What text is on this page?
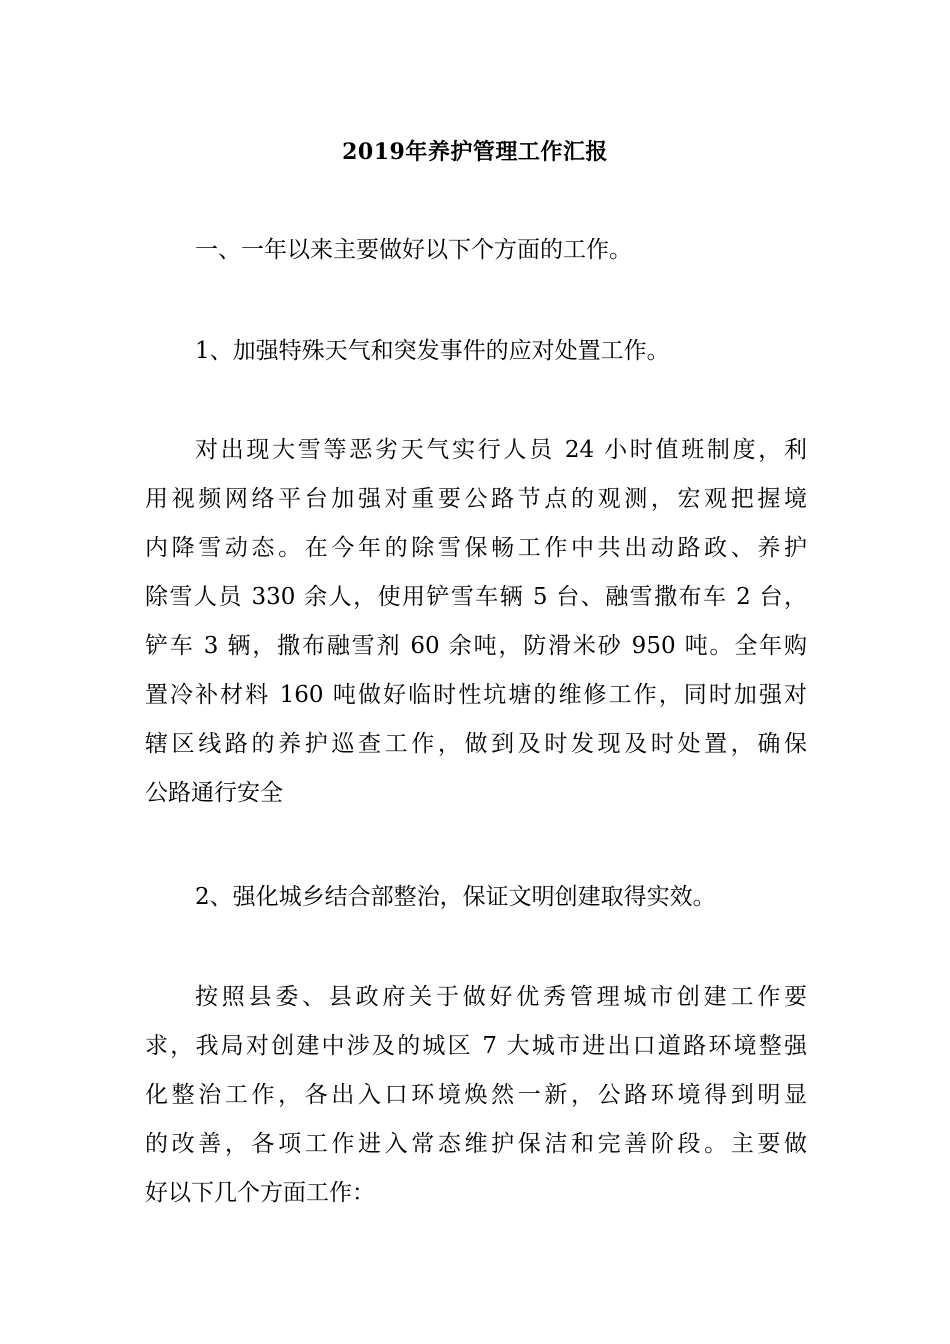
2019年养护管理工作汇报
一、一年以来主要做好以下个方面的工作。
1、加强特殊天气和突发事件的应对处置工作。
对出现大雪等恶劣天气实行人员 24 小时值班制度，利
用视频网络平台加强对重要公路节点的观测，宏观把握境
内降雪动态。在今年的除雪保畅工作中共出动路政、养护
除雪人员 330 余人，使用铲雪车辆 5 台、融雪撒布车 2 台，
铲车 3 辆，撒布融雪剂 60 余吨，防滑米砂 950 吨。全年购
置冷补材料 160 吨做好临时性坑塘的维修工作，同时加强对
辖区线路的养护巡查工作，做到及时发现及时处置，确保
公路通行安全
2、强化城乡结合部整治，保证文明创建取得实效。
按照县委、县政府关于做好优秀管理城市创建工作要
求，我局对创建中涉及的城区 7 大城市进出口道路环境整强
化整治工作，各出入口环境焕然一新，公路环境得到明显
的改善，各项工作进入常态维护保洁和完善阶段。主要做
好以下几个方面工作：
